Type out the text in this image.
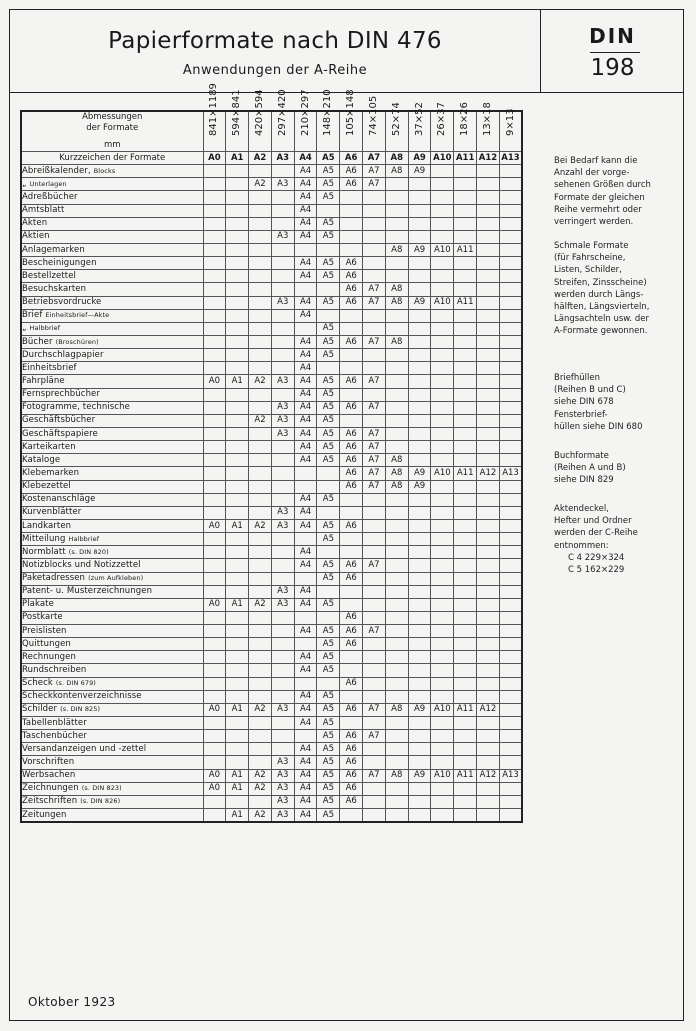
Papierformate nach DIN 476
Anwendungen der A-Reihe
DIN
198
Abmessungen
der Formate
mm	841×1189	594×841	420×594	297×420	210×297	148×210	105×148	74×105	52×74	37×52	26×37	18×26	13×18	9×13

Kurzzeichen der Formate	A0	A1	A2	A3	A4	A5	A6	A7	A8	A9	A10	A11	A12	A13
Abreißkalender, Blocks					A4	A5	A6	A7	A8	A9				
„ Unterlagen			A2	A3	A4	A5	A6	A7						
Adreßbücher					A4	A5								
Amtsblatt					A4									
Akten					A4	A5								
Aktien				A3	A4	A5								
Anlagemarken									A8	A9	A10	A11		
Bescheinigungen					A4	A5	A6							
Bestellzettel					A4	A5	A6							
Besuchskarten							A6	A7	A8					
Betriebsvordrucke				A3	A4	A5	A6	A7	A8	A9	A10	A11		
Brief Einheitsbrief—Akte					A4									
„ Halbbrief						A5								
Bücher (Broschüren)					A4	A5	A6	A7	A8					
Durchschlagpapier					A4	A5								
Einheitsbrief					A4									
Fahrpläne	A0	A1	A2	A3	A4	A5	A6	A7						
Fernsprechbücher					A4	A5								
Fotogramme, technische				A3	A4	A5	A6	A7						
Geschäftsbücher			A2	A3	A4	A5								
Geschäftspapiere				A3	A4	A5	A6	A7						
Karteikarten					A4	A5	A6	A7						
Kataloge					A4	A5	A6	A7	A8					
Klebemarken							A6	A7	A8	A9	A10	A11	A12	A13
Klebezettel							A6	A7	A8	A9				
Kostenanschläge					A4	A5								
Kurvenblätter				A3	A4									
Landkarten	A0	A1	A2	A3	A4	A5	A6							
Mitteilung Halbbrief						A5								
Normblatt (s. DIN 820)					A4									
Notizblocks und Notizzettel					A4	A5	A6	A7						
Paketadressen (zum Aufkleben)						A5	A6							
Patent- u. Musterzeichnungen				A3	A4									
Plakate	A0	A1	A2	A3	A4	A5								
Postkarte							A6							
Preislisten					A4	A5	A6	A7						
Quittungen						A5	A6							
Rechnungen					A4	A5								
Rundschreiben					A4	A5								
Scheck (s. DIN 679)							A6							
Scheckkontenverzeichnisse					A4	A5								
Schilder (s. DIN 825)	A0	A1	A2	A3	A4	A5	A6	A7	A8	A9	A10	A11	A12	
Tabellenblätter					A4	A5								
Taschenbücher						A5	A6	A7						
Versandanzeigen und -zettel					A4	A5	A6							
Vorschriften				A3	A4	A5	A6							
Werbsachen	A0	A1	A2	A3	A4	A5	A6	A7	A8	A9	A10	A11	A12	A13
Zeichnungen (s. DIN 823)	A0	A1	A2	A3	A4	A5	A6							
Zeitschriften (s. DIN 826)				A3	A4	A5	A6							
Zeitungen		A1	A2	A3	A4	A5								
Bei Bedarf kann die
Anzahl der vorge-
sehenen Größen durch
Formate der gleichen
Reihe vermehrt oder
verringert werden.
Schmale Formate
(für Fahrscheine,
Listen, Schilder,
Streifen, Zinsscheine)
werden durch Längs-
hälften, Längsvierteln,
Längsachteln usw. der
A-Formate gewonnen.
Briefhüllen
(Reihen B und C)
siehe DIN 678
Fensterbrief-
hüllen siehe DIN 680
Buchformate
(Reihen A und B)
siehe DIN 829
Aktendeckel,
Hefter und Ordner
werden der C-Reihe
entnommen:
C 4 229×324
C 5 162×229
Oktober 1923
